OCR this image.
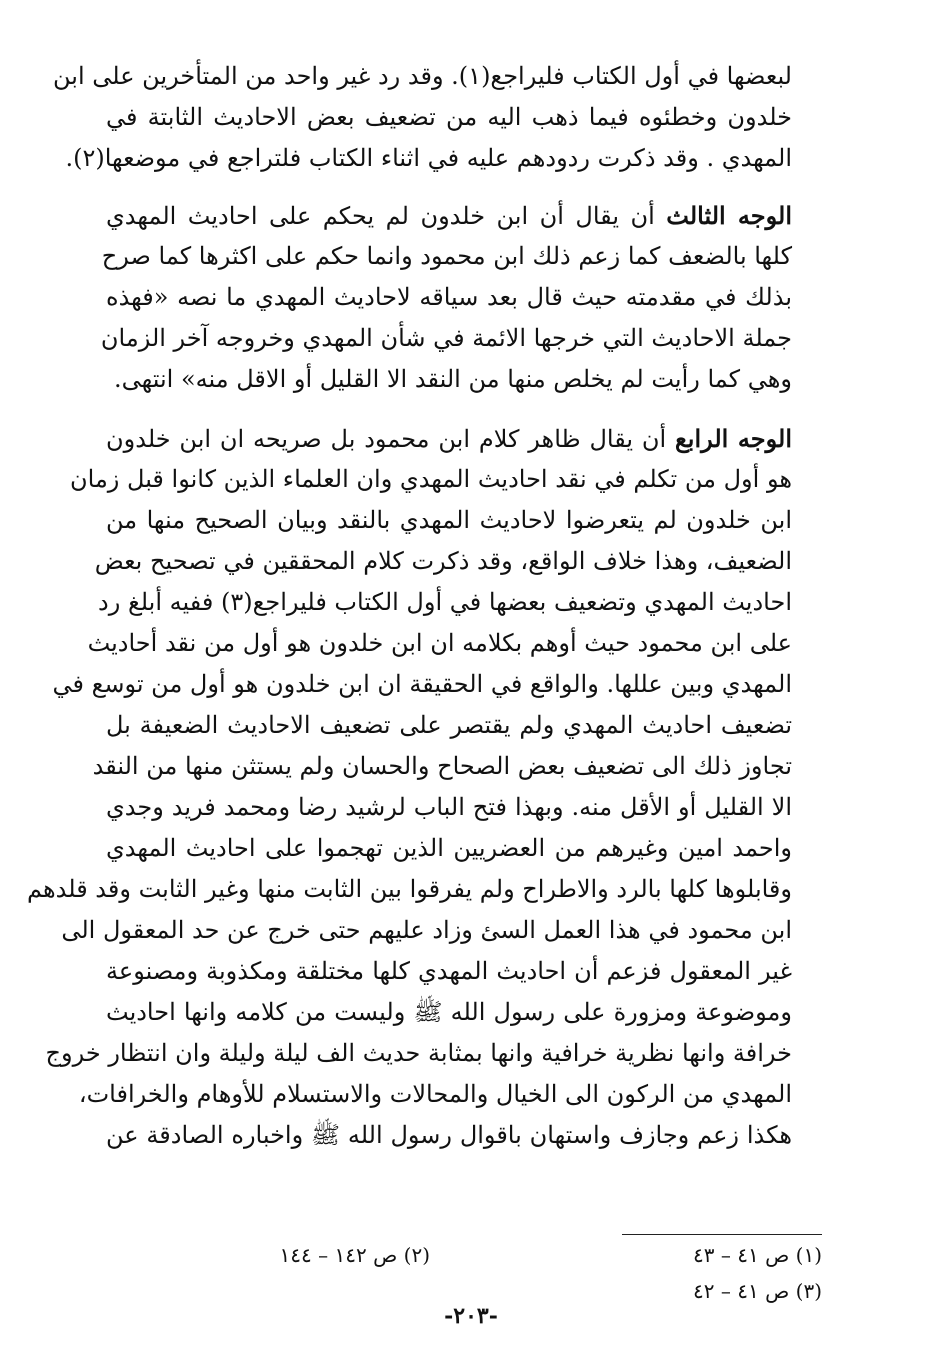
لبعضها في أول الكتاب فليراجع(١). وقد رد غير واحد من المتأخرين على ابن
خلدون وخطئوه فيما ذهب اليه من تضعيف بعض الاحاديث الثابتة في
المهدي . وقد ذكرت ردودهم عليه في اثناء الكتاب فلتراجع في موضعها(٢).
الوجه الثالث أن يقال أن ابن خلدون لم يحكم على احاديث المهدي
كلها بالضعف كما زعم ذلك ابن محمود وانما حكم على اكثرها كما صرح
بذلك في مقدمته حيث قال بعد سياقه لاحاديث المهدي ما نصه «فهذه
جملة الاحاديث التي خرجها الائمة في شأن المهدي وخروجه آخر الزمان
وهي كما رأيت لم يخلص منها من النقد الا القليل أو الاقل منه» انتهى.
الوجه الرابع أن يقال ظاهر كلام ابن محمود بل صريحه ان ابن خلدون
هو أول من تكلم في نقد احاديث المهدي وان العلماء الذين كانوا قبل زمان
ابن خلدون لم يتعرضوا لاحاديث المهدي بالنقد وبيان الصحيح منها من
الضعيف، وهذا خلاف الواقع، وقد ذكرت كلام المحققين في تصحيح بعض
احاديث المهدي وتضعيف بعضها في أول الكتاب فليراجع(٣) ففيه أبلغ رد
على ابن محمود حيث أوهم بكلامه ان ابن خلدون هو أول من نقد أحاديث
المهدي وبين عللها. والواقع في الحقيقة ان ابن خلدون هو أول من توسع في
تضعيف احاديث المهدي ولم يقتصر على تضعيف الاحاديث الضعيفة بل
تجاوز ذلك الى تضعيف بعض الصحاح والحسان ولم يستثن منها من النقد
الا القليل أو الأقل منه. وبهذا فتح الباب لرشيد رضا ومحمد فريد وجدي
واحمد امين وغيرهم من العضريين الذين تهجموا على احاديث المهدي
وقابلوها كلها بالرد والاطراح ولم يفرقوا بين الثابت منها وغير الثابت وقد قلدهم
ابن محمود في هذا العمل السئ وزاد عليهم حتى خرج عن حد المعقول الى
غير المعقول فزعم أن احاديث المهدي كلها مختلقة ومكذوبة ومصنوعة
وموضوعة ومزورة على رسول الله ﷺ وليست من كلامه وانها احاديث
خرافة وانها نظرية خرافية وانها بمثابة حديث الف ليلة وليلة وان انتظار خروج
المهدي من الركون الى الخيال والمحالات والاستسلام للأوهام والخرافات،
هكذا زعم وجازف واستهان باقوال رسول الله ﷺ واخباره الصادقة عن
(١) ص ٤١ – ٤٣
(٢) ص ١٤٢ – ١٤٤
(٣) ص ٤١ – ٤٢
-٢٠٣-
